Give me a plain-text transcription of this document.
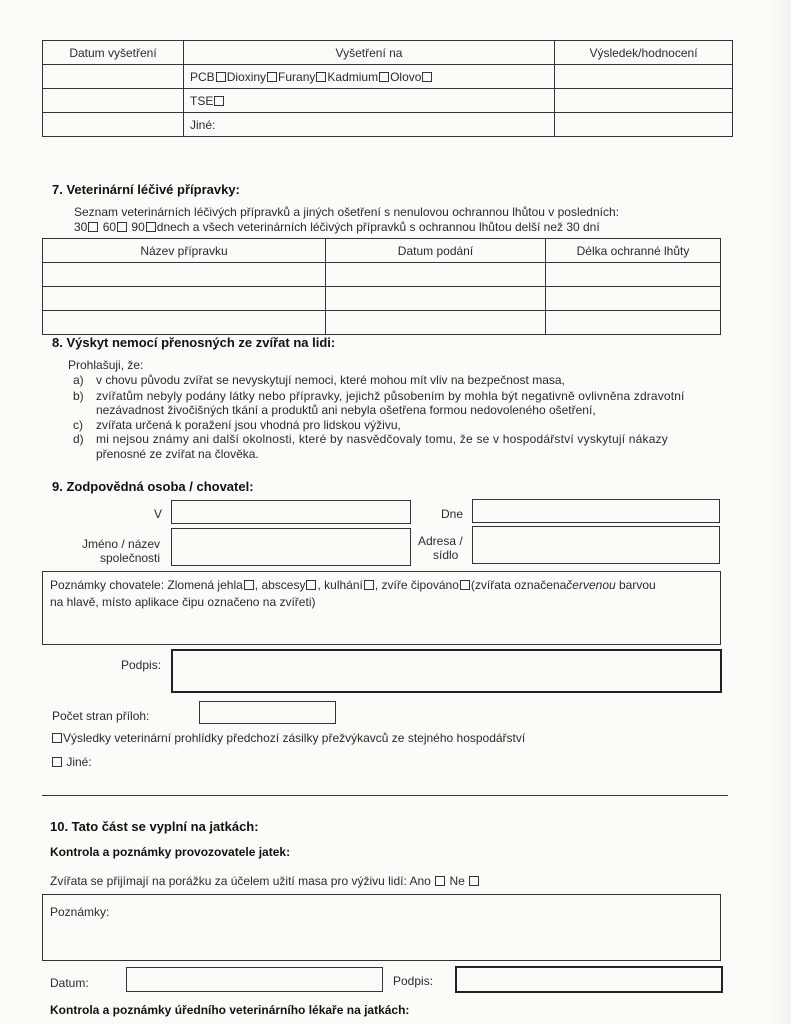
Datum vyšetření	Vyšetření na	Výsledek/hodnocení
	PCB Dioxiny Furany Kadmium Olovo	
	TSE	
	Jiné:	
7. Veterinární léčivé přípravky:
Seznam veterinárních léčivých přípravků a jiných ošetření s nenulovou ochrannou lhůtou v posledních:
30 60 90 dnech a všech veterinárních léčivých přípravků s ochrannou lhůtou delší než 30 dní
Název přípravku	Datum podání	Délka ochranné lhůty

8. Výskyt nemocí přenosných ze zvířat na lidi:
Prohlašuji, že:
a) v chovu původu zvířat se nevyskytují nemoci, které mohou mít vliv na bezpečnost masa,
b) zvířatům nebyly podány látky nebo přípravky, jejichž působením by mohla být negativně ovlivněna zdravotní
nezávadnost živočišných tkání a produktů ani nebyla ošetřena formou nedovoleného ošetření,
c) zvířata určená k poražení jsou vhodná pro lidskou výživu,
d) mi nejsou známy ani další okolnosti, které by nasvědčovaly tomu, že se v hospodářství vyskytují nákazy
přenosné ze zvířat na člověka.
9. Zodpovědná osoba / chovatel:
V	Dne
Jméno / název
společnosti
Adresa /
sídlo
Poznámky chovatele: Zlomená jehla , abscesy , kulhání , zvíře čipováno (zvířata označenačervenou barvou
na hlavě, místo aplikace čipu označeno na zvířeti)
Podpis:
Počet stran příloh:
Výsledky veterinární prohlídky předchozí zásilky přežvýkavců ze stejného hospodářství
Jiné:
10. Tato část se vyplní na jatkách:
Kontrola a poznámky provozovatele jatek:
Zvířata se přijímají na porážku za účelem užití masa pro výživu lidí: Ano Ne
Poznámky:
Datum:	Podpis:
Kontrola a poznámky úředního veterinárního lékaře na jatkách:
